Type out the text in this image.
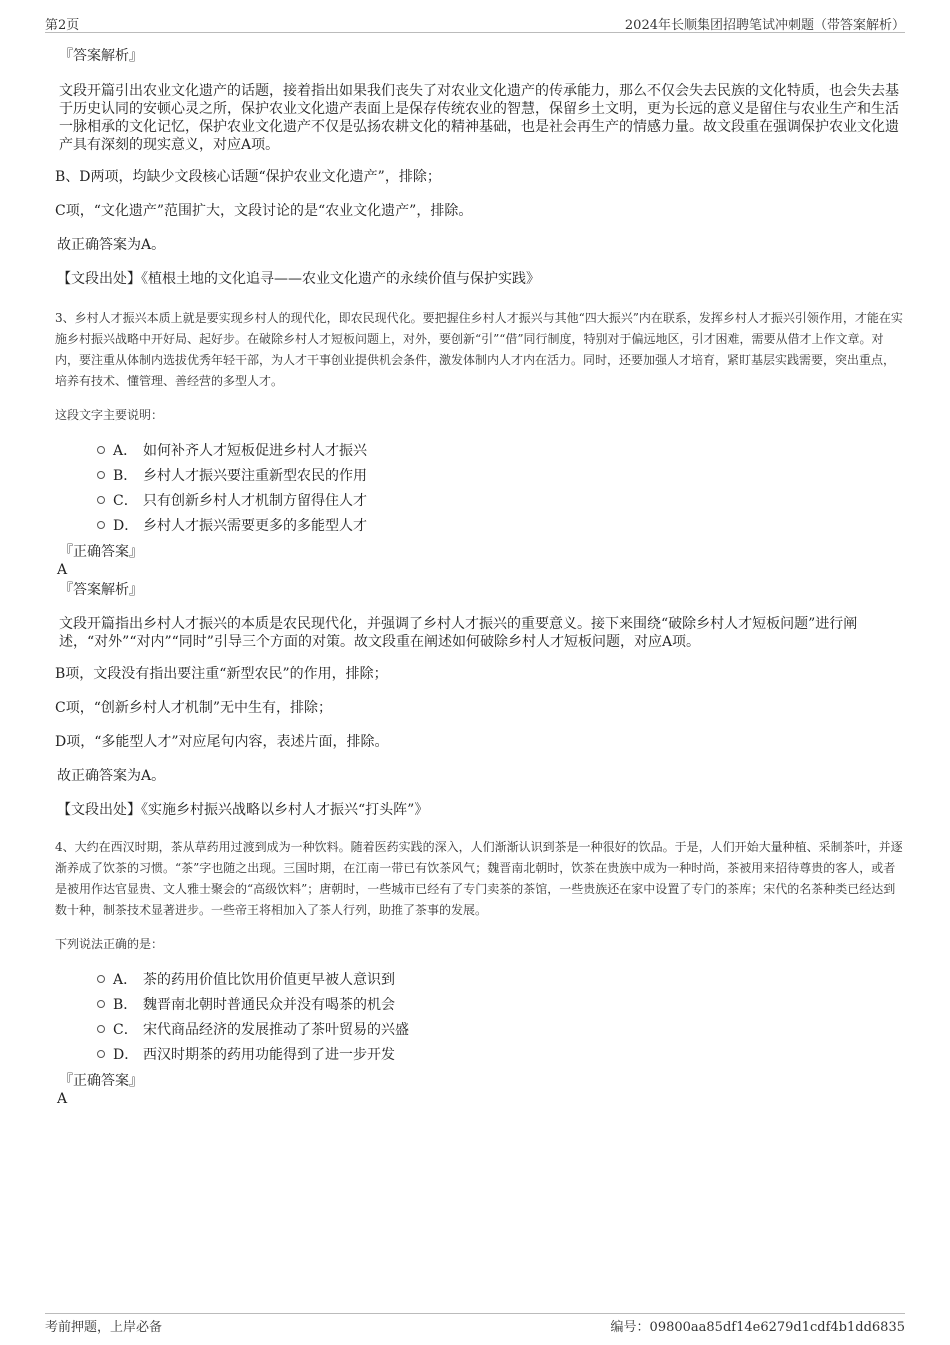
第2页	2024年长顺集团招聘笔试冲刺题（带答案解析）
『答案解析』

文段开篇引出农业文化遗产的话题，接着指出如果我们丧失了对农业文化遗产的传承能力，那么不仅会失去民族的文化特质，也会失去基于历史认同的安顿心灵之所，保护农业文化遗产表面上是保存传统农业的智慧，保留乡土文明，更为长远的意义是留住与农业生产和生活一脉相承的文化记忆，保护农业文化遗产不仅是弘扬农耕文化的精神基础，也是社会再生产的情感力量。故文段重在强调保护农业文化遗产具有深刻的现实意义，对应A项。

B、D两项，均缺少文段核心话题“保护农业文化遗产”，排除；

C项，“文化遗产”范围扩大，文段讨论的是“农业文化遗产”，排除。

故正确答案为A。

【文段出处】《植根土地的文化追寻——农业文化遗产的永续价值与保护实践》

3、乡村人才振兴本质上就是要实现乡村人的现代化，即农民现代化。要把握住乡村人才振兴与其他“四大振兴”内在联系，发挥乡村人才振兴引领作用，才能在实施乡村振兴战略中开好局、起好步。在破除乡村人才短板问题上，对外，要创新“引”“借”同行制度，特别对于偏远地区，引才困难，需要从借才上作文章。对内，要注重从体制内选拔优秀年轻干部，为人才干事创业提供机会条件，激发体制内人才内在活力。同时，还要加强人才培育，紧盯基层实践需要，突出重点，培养有技术、懂管理、善经营的多型人才。

这段文字主要说明：

A． 如何补齐人才短板促进乡村人才振兴
B． 乡村人才振兴要注重新型农民的作用
C． 只有创新乡村人才机制方留得住人才
D． 乡村人才振兴需要更多的多能型人才
『正确答案』
A
『答案解析』

文段开篇指出乡村人才振兴的本质是农民现代化，并强调了乡村人才振兴的重要意义。接下来围绕“破除乡村人才短板问题”进行阐述，“对外”“对内”“同时”引导三个方面的对策。故文段重在阐述如何破除乡村人才短板问题，对应A项。

B项，文段没有指出要注重“新型农民”的作用，排除；

C项，“创新乡村人才机制”无中生有，排除；

D项，“多能型人才”对应尾句内容，表述片面，排除。

故正确答案为A。

【文段出处】《实施乡村振兴战略以乡村人才振兴“打头阵”》

4、大约在西汉时期，茶从草药用过渡到成为一种饮料。随着医药实践的深入，人们渐渐认识到茶是一种很好的饮品。于是，人们开始大量种植、采制茶叶，并逐渐养成了饮茶的习惯。“茶”字也随之出现。三国时期，在江南一带已有饮茶风气；魏晋南北朝时，饮茶在贵族中成为一种时尚，茶被用来招待尊贵的客人，或者是被用作达官显贵、文人雅士聚会的“高级饮料”；唐朝时，一些城市已经有了专门卖茶的茶馆，一些贵族还在家中设置了专门的茶库；宋代的名茶种类已经达到数十种，制茶技术显著进步。一些帝王将相加入了茶人行列，助推了茶事的发展。

下列说法正确的是：

A． 茶的药用价值比饮用价值更早被人意识到
B． 魏晋南北朝时普通民众并没有喝茶的机会
C． 宋代商品经济的发展推动了茶叶贸易的兴盛
D． 西汉时期茶的药用功能得到了进一步开发
『正确答案』
A
考前押题，上岸必备	编号：09800aa85df14e6279d1cdf4b1dd6835
